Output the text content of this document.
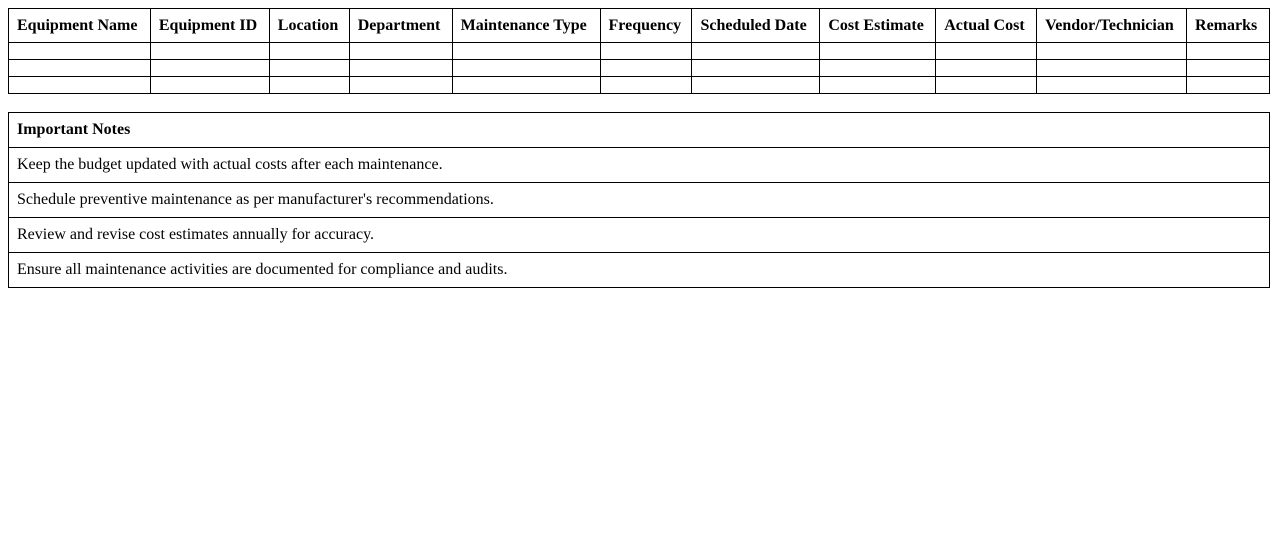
Equipment Name	Equipment ID	Location	Department	Maintenance Type	Frequency	Scheduled Date	Cost Estimate	Actual Cost	Vendor/Technician	Remarks

Important Notes
Keep the budget updated with actual costs after each maintenance.
Schedule preventive maintenance as per manufacturer's recommendations.
Review and revise cost estimates annually for accuracy.
Ensure all maintenance activities are documented for compliance and audits.
